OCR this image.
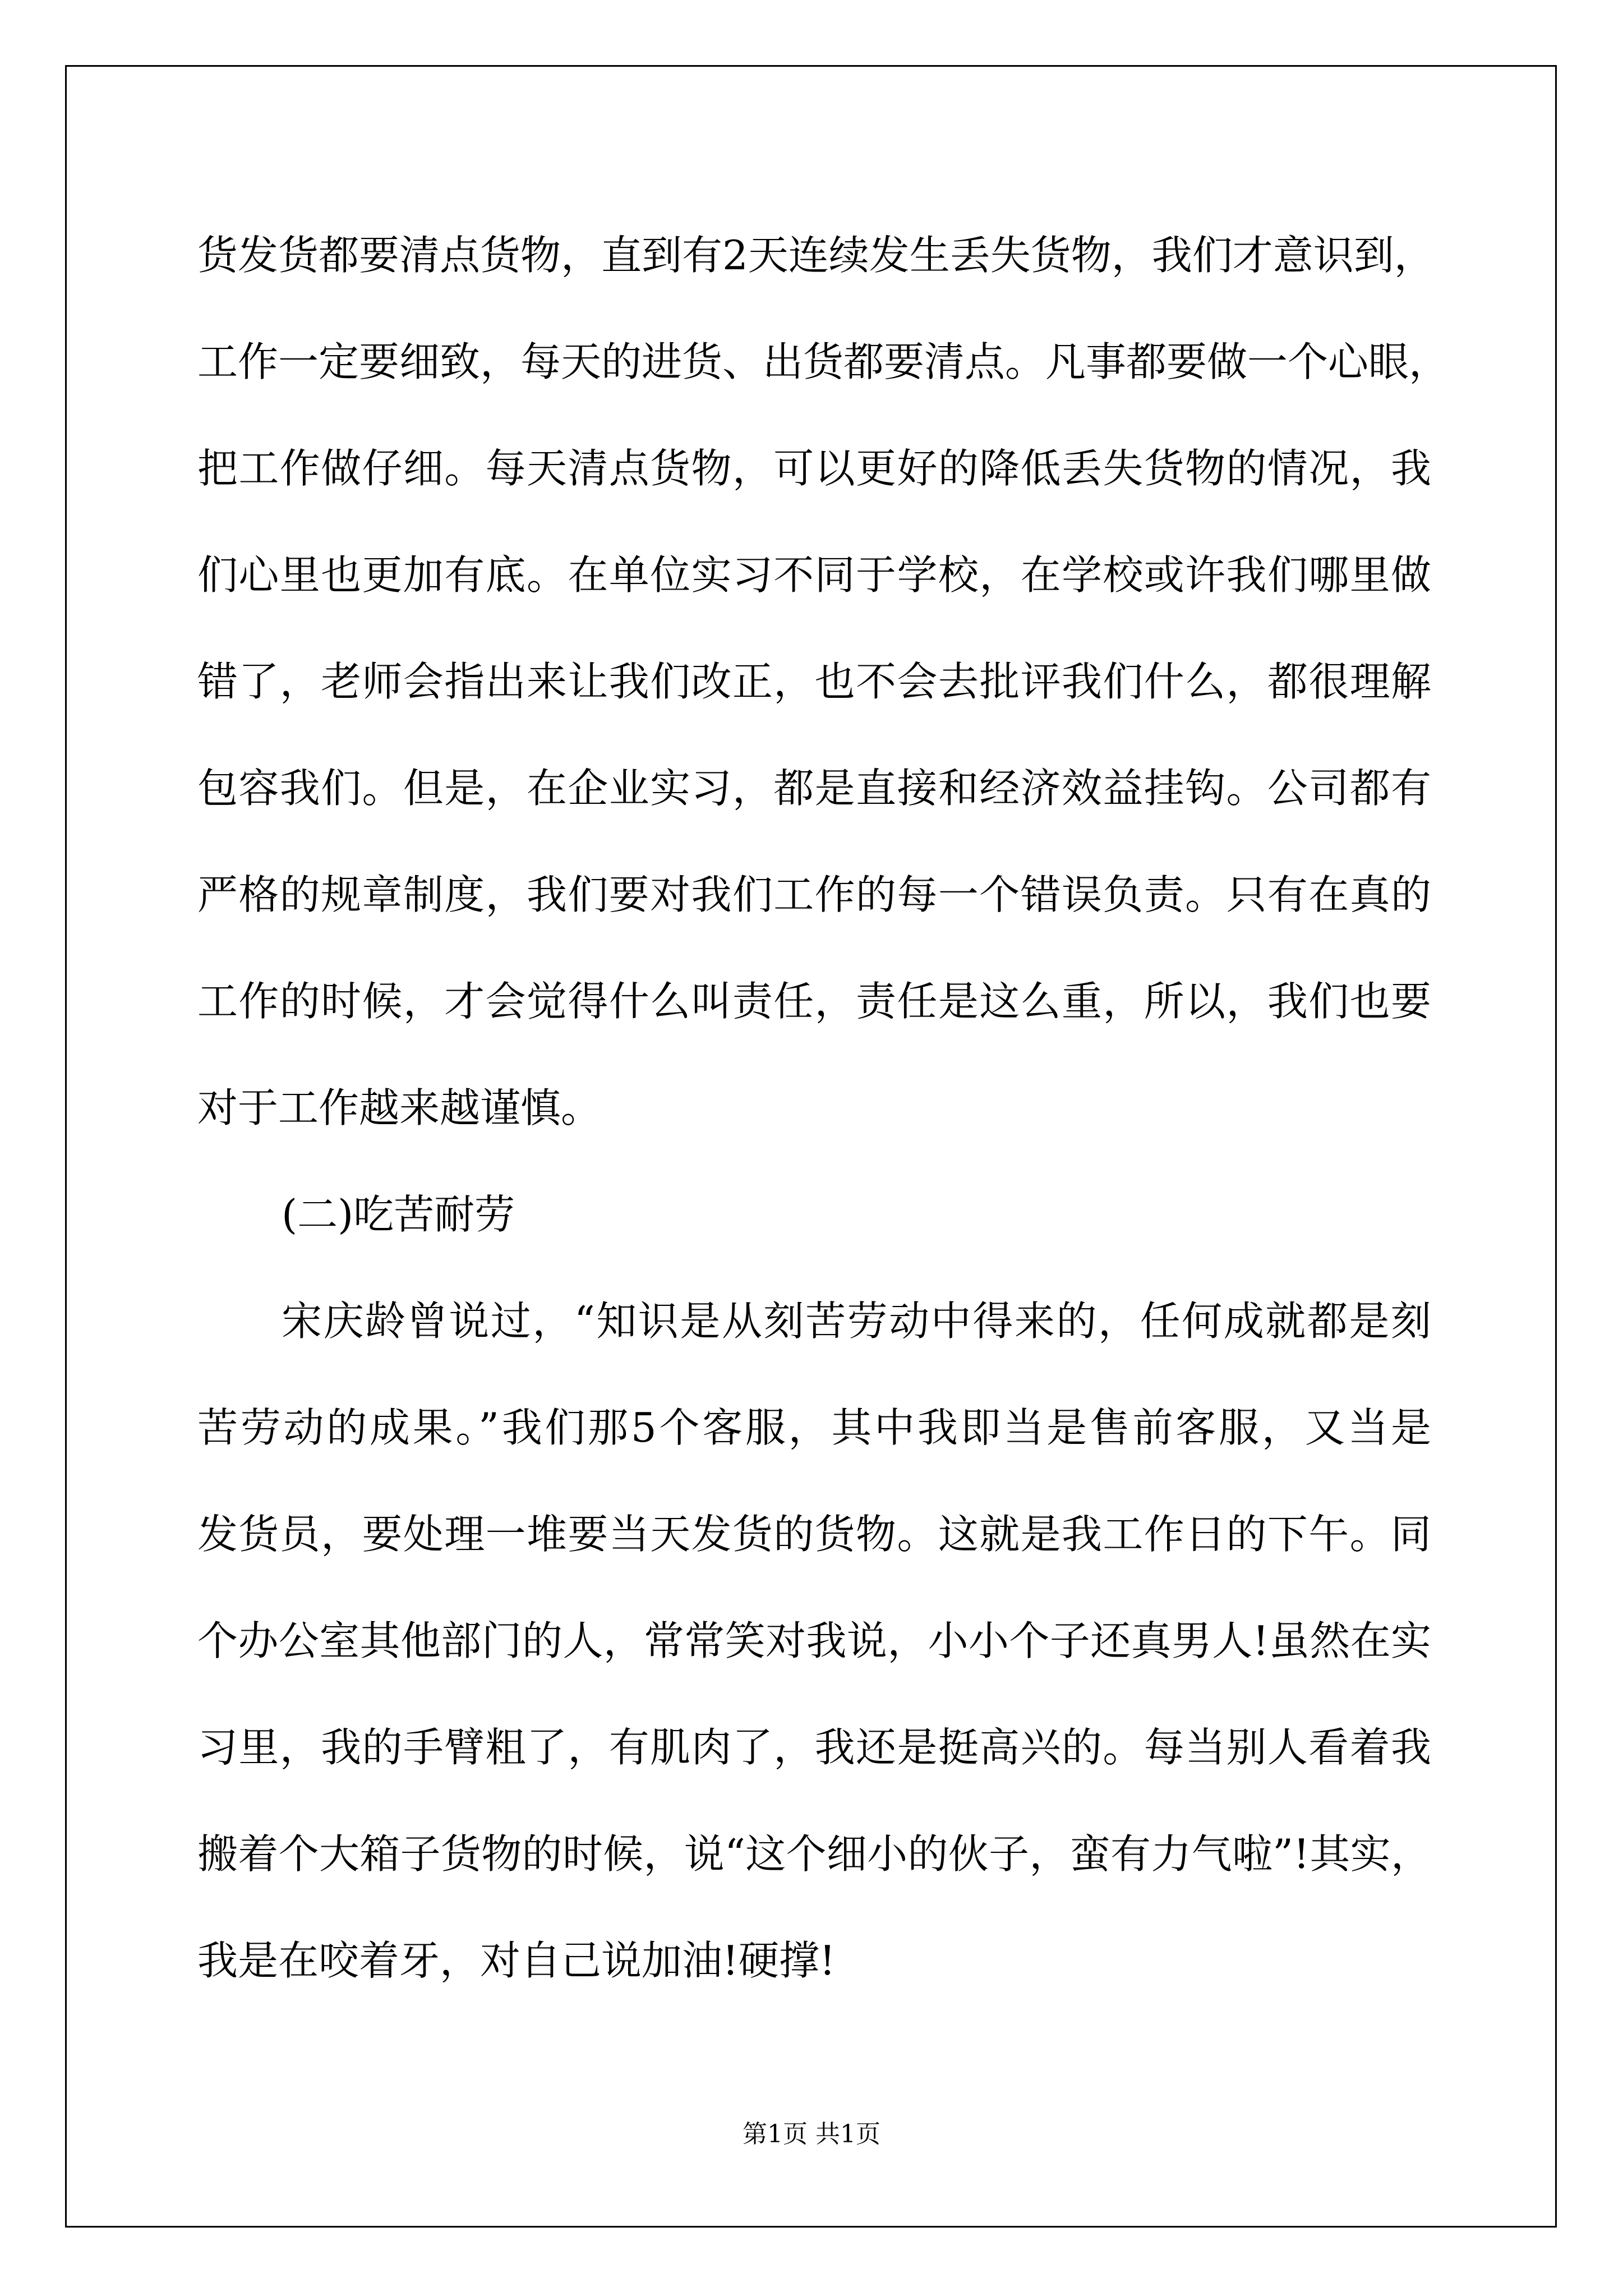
货发货都要清点货物，直到有2天连续发生丢失货物，我们才意识到，
工作一定要细致，每天的进货、出货都要清点。凡事都要做一个心眼，
把工作做仔细。每天清点货物，可以更好的降低丢失货物的情况，我
们心里也更加有底。在单位实习不同于学校，在学校或许我们哪里做
错了，老师会指出来让我们改正，也不会去批评我们什么，都很理解
包容我们。但是，在企业实习，都是直接和经济效益挂钩。公司都有
严格的规章制度，我们要对我们工作的每一个错误负责。只有在真的
工作的时候，才会觉得什么叫责任，责任是这么重，所以，我们也要
对于工作越来越谨慎。
(二)吃苦耐劳
宋庆龄曾说过，“知识是从刻苦劳动中得来的，任何成就都是刻
苦劳动的成果。”我们那5个客服，其中我即当是售前客服，又当是
发货员，要处理一堆要当天发货的货物。这就是我工作日的下午。同
个办公室其他部门的人，常常笑对我说，小小个子还真男人!虽然在实
习里，我的手臂粗了，有肌肉了，我还是挺高兴的。每当别人看着我
搬着个大箱子货物的时候，说“这个细小的伙子，蛮有力气啦”!其实，
我是在咬着牙，对自己说加油!硬撑!
第1页 共1页
